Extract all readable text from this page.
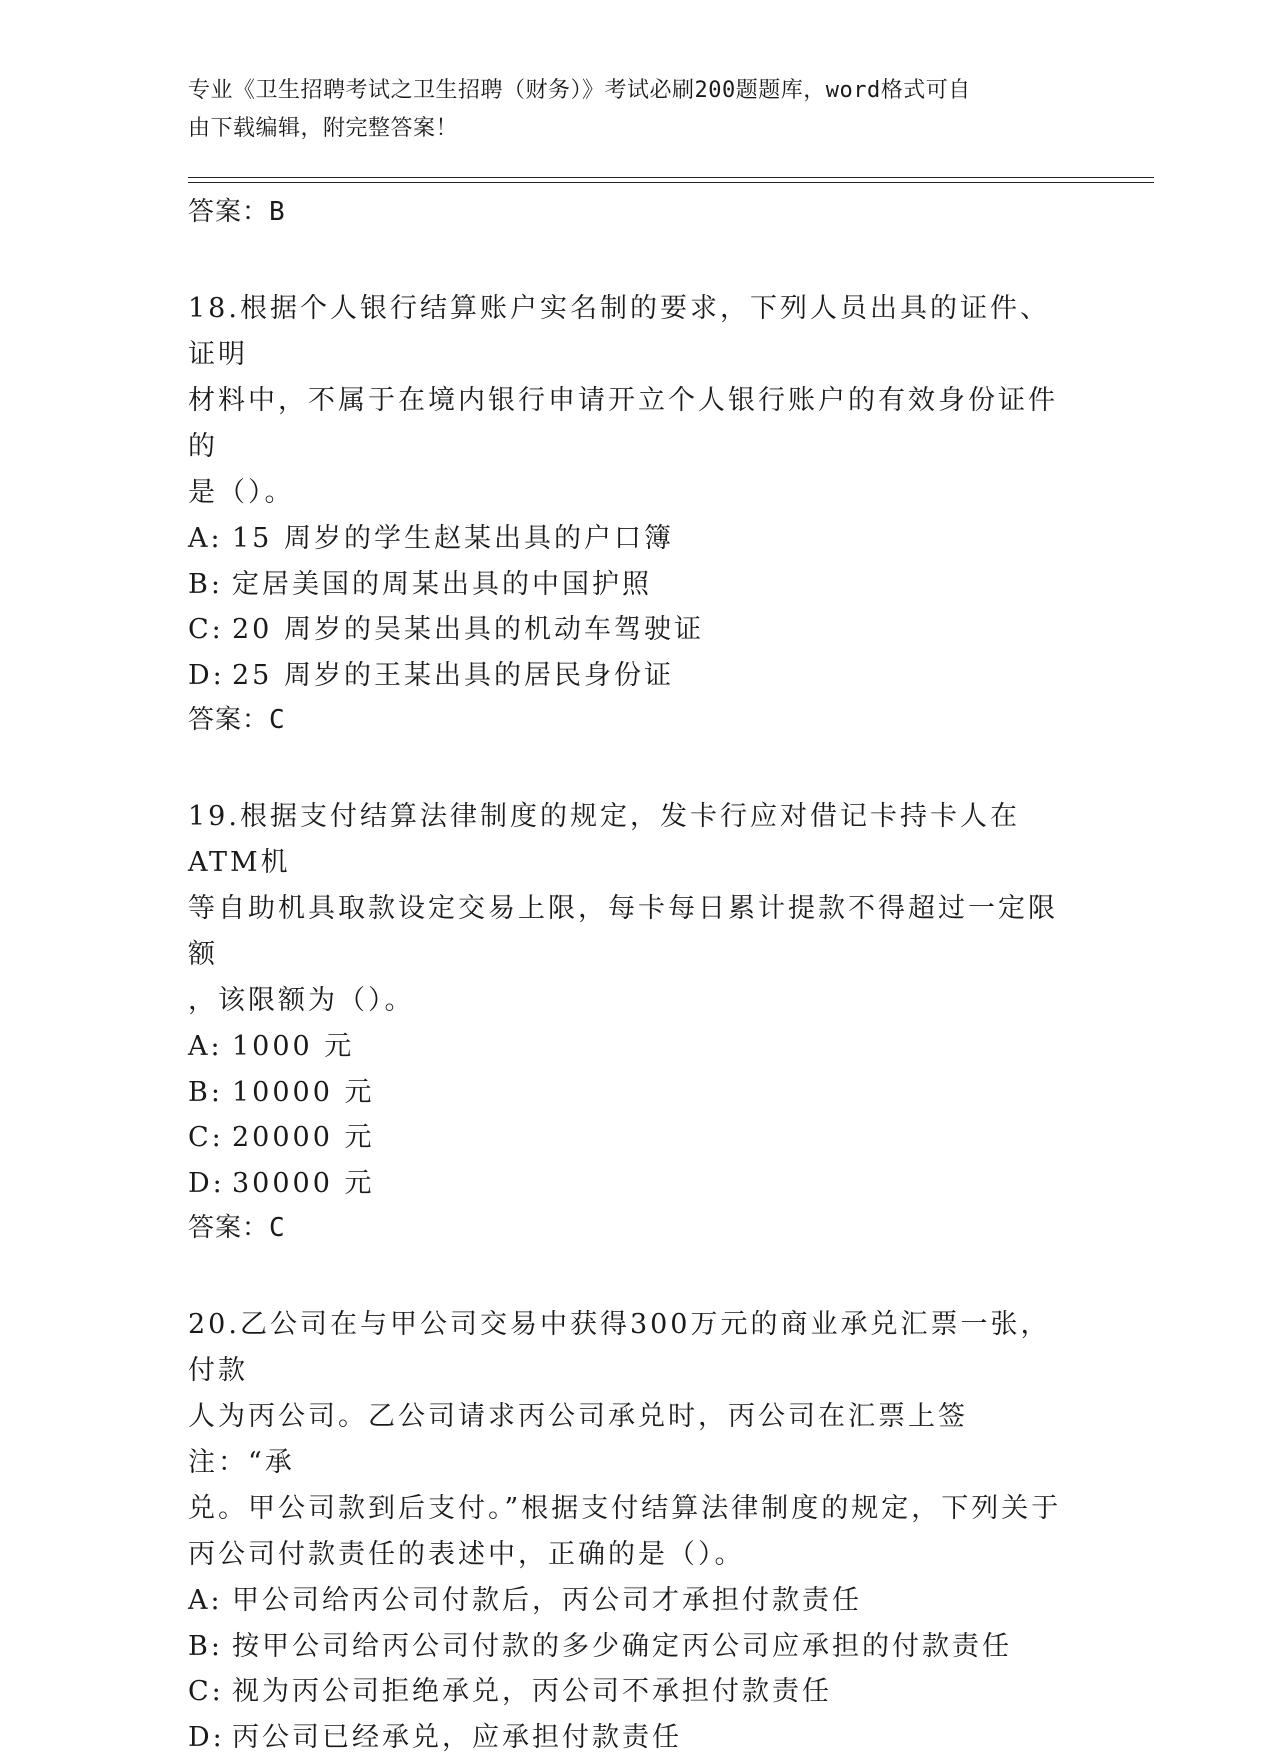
专业《卫生招聘考试之卫生招聘（财务）》考试必刷200题题库，word格式可自
由下载编辑，附完整答案！
答案：B
18.根据个人银行结算账户实名制的要求，下列人员出具的证件、证明
材料中，不属于在境内银行申请开立个人银行账户的有效身份证件的
是（）。
A: 15 周岁的学生赵某出具的户口簿
B: 定居美国的周某出具的中国护照
C: 20 周岁的吴某出具的机动车驾驶证
D: 25 周岁的王某出具的居民身份证
答案：C
19.根据支付结算法律制度的规定，发卡行应对借记卡持卡人在ATM机
等自助机具取款设定交易上限，每卡每日累计提款不得超过一定限额
，该限额为（）。
A: 1000 元
B: 10000 元
C: 20000 元
D: 30000 元
答案：C
20.乙公司在与甲公司交易中获得300万元的商业承兑汇票一张，付款
人为丙公司。乙公司请求丙公司承兑时，丙公司在汇票上签注：“承
兑。甲公司款到后支付。”根据支付结算法律制度的规定，下列关于
丙公司付款责任的表述中，正确的是（）。
A: 甲公司给丙公司付款后，丙公司才承担付款责任
B: 按甲公司给丙公司付款的多少确定丙公司应承担的付款责任
C: 视为丙公司拒绝承兑，丙公司不承担付款责任
D: 丙公司已经承兑，应承担付款责任
